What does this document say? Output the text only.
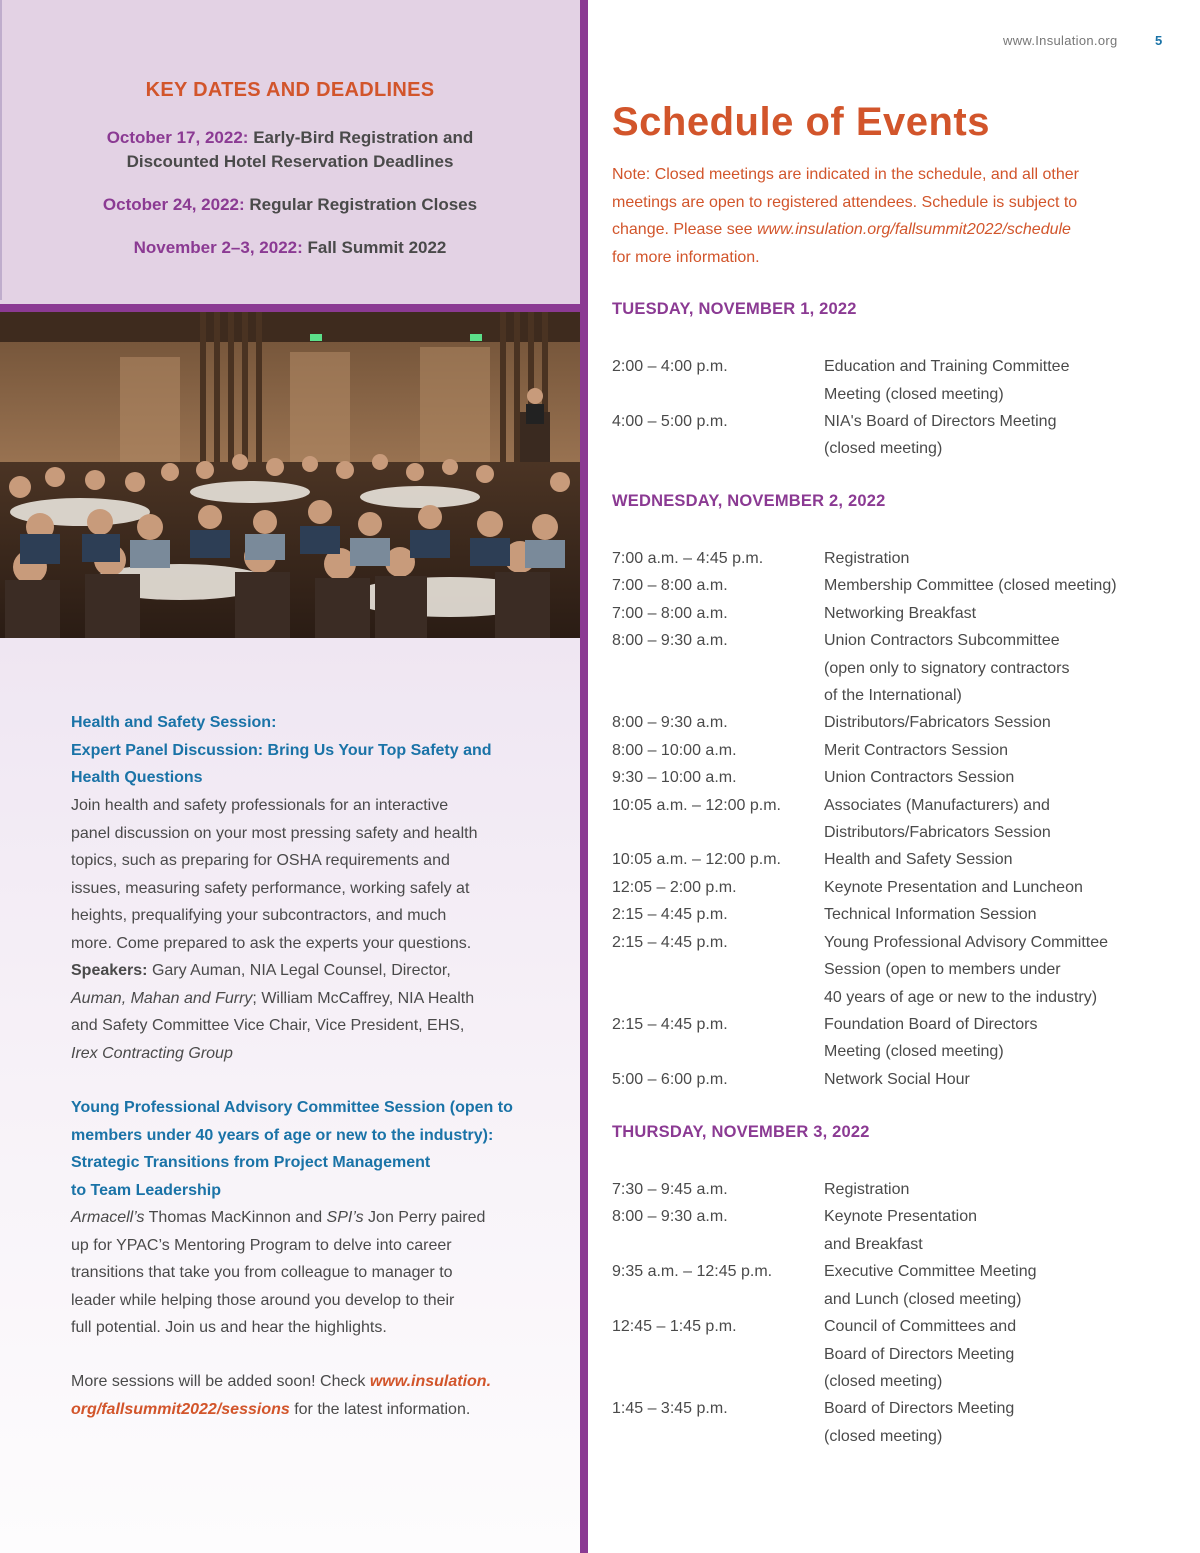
KEY DATES AND DEADLINES
October 17, 2022: Early-Bird Registration and
Discounted Hotel Reservation Deadlines
October 24, 2022: Regular Registration Closes
November 2–3, 2022: Fall Summit 2022
Health and Safety Session:
Expert Panel Discussion: Bring Us Your Top Safety and
Health Questions
Join health and safety professionals for an interactive
panel discussion on your most pressing safety and health
topics, such as preparing for OSHA requirements and
issues, measuring safety performance, working safely at
heights, prequalifying your subcontractors, and much
more. Come prepared to ask the experts your questions.
Speakers: Gary Auman, NIA Legal Counsel, Director,
Auman, Mahan and Furry; William McCaffrey, NIA Health
and Safety Committee Vice Chair, Vice President, EHS,
Irex Contracting Group
Young Professional Advisory Committee Session (open to
members under 40 years of age or new to the industry):
Strategic Transitions from Project Management
to Team Leadership
Armacell’s Thomas MacKinnon and SPI’s Jon Perry paired
up for YPAC’s Mentoring Program to delve into career
transitions that take you from colleague to manager to
leader while helping those around you develop to their
full potential. Join us and hear the highlights.
More sessions will be added soon! Check www.insulation.
org/fallsummit2022/sessions for the latest information.
www.Insulation.org	5
Schedule of Events
Note: Closed meetings are indicated in the schedule, and all other
meetings are open to registered attendees. Schedule is subject to
change. Please see www.insulation.org/fallsummit2022/schedule
for more information.
TUESDAY, NOVEMBER 1, 2022
2:00 – 4:00 p.m.	Education and Training Committee
Meeting (closed meeting)
4:00 – 5:00 p.m.	NIA's Board of Directors Meeting
(closed meeting)
WEDNESDAY, NOVEMBER 2, 2022
7:00 a.m. – 4:45 p.m.	Registration
7:00 – 8:00 a.m.	Membership Committee (closed meeting)
7:00 – 8:00 a.m.	Networking Breakfast
8:00 – 9:30 a.m.	Union Contractors Subcommittee
(open only to signatory contractors
of the International)
8:00 – 9:30 a.m.	Distributors/Fabricators Session
8:00 – 10:00 a.m.	Merit Contractors Session
9:30 – 10:00 a.m.	Union Contractors Session
10:05 a.m. – 12:00 p.m.	Associates (Manufacturers) and
Distributors/Fabricators Session
10:05 a.m. – 12:00 p.m.	Health and Safety Session
12:05 – 2:00 p.m.	Keynote Presentation and Luncheon
2:15 – 4:45 p.m.	Technical Information Session
2:15 – 4:45 p.m.	Young Professional Advisory Committee
Session (open to members under
40 years of age or new to the industry)
2:15 – 4:45 p.m.	Foundation Board of Directors
Meeting (closed meeting)
5:00 – 6:00 p.m.	Network Social Hour
THURSDAY, NOVEMBER 3, 2022
7:30 – 9:45 a.m.	Registration
8:00 – 9:30 a.m.	Keynote Presentation
and Breakfast
9:35 a.m. – 12:45 p.m.	Executive Committee Meeting
and Lunch (closed meeting)
12:45 – 1:45 p.m.	Council of Committees and
Board of Directors Meeting
(closed meeting)
1:45 – 3:45 p.m.	Board of Directors Meeting
(closed meeting)
